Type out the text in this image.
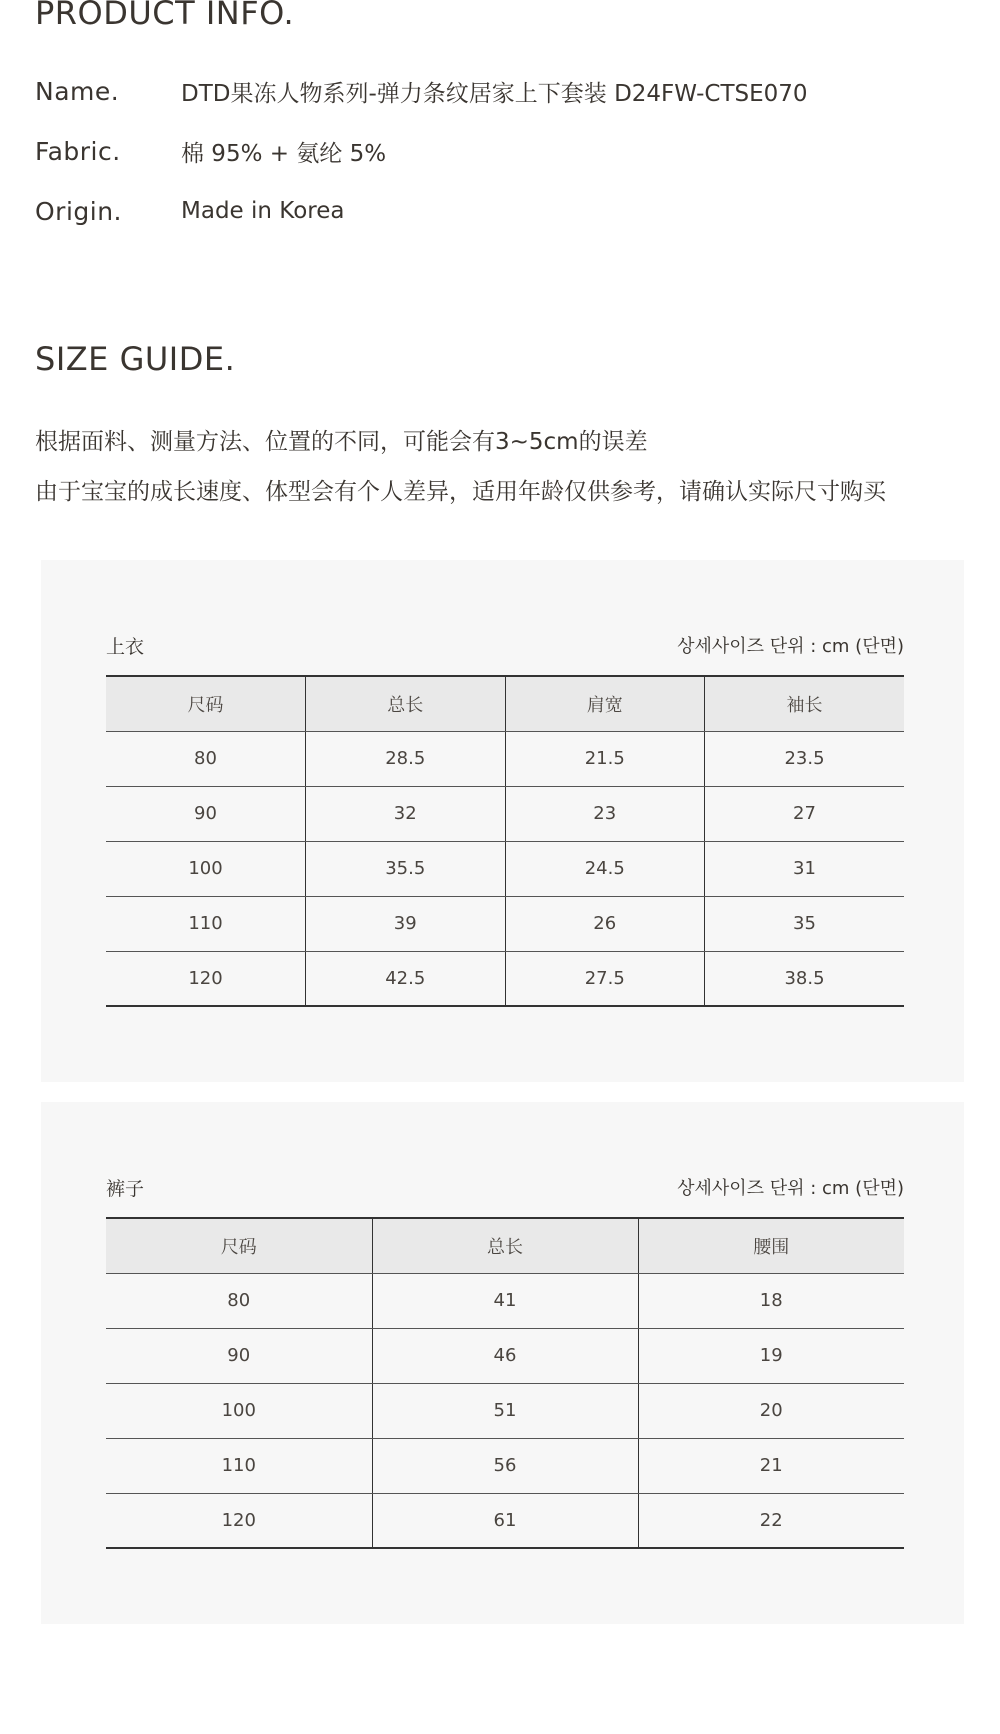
PRODUCT INFO.
Name.	DTD果冻人物系列-弹力条纹居家上下套装 D24FW-CTSE070
Fabric.	棉 95% + 氨纶 5%
Origin.	Made in Korea
SIZE GUIDE.

根据面料、测量方法、位置的不同，可能会有3~5cm的误差

由于宝宝的成长速度、体型会有个人差异，适用年龄仅供参考，请确认实际尺寸购买

上衣	상세사이즈 단위 : cm (단면)
尺码	总长	肩宽	袖长
80	28.5	21.5	23.5
90	32	23	27
100	35.5	24.5	31
110	39	26	35
120	42.5	27.5	38.5
裤子	상세사이즈 단위 : cm (단면)
尺码	总长	腰围
80	41	18
90	46	19
100	51	20
110	56	21
120	61	22
